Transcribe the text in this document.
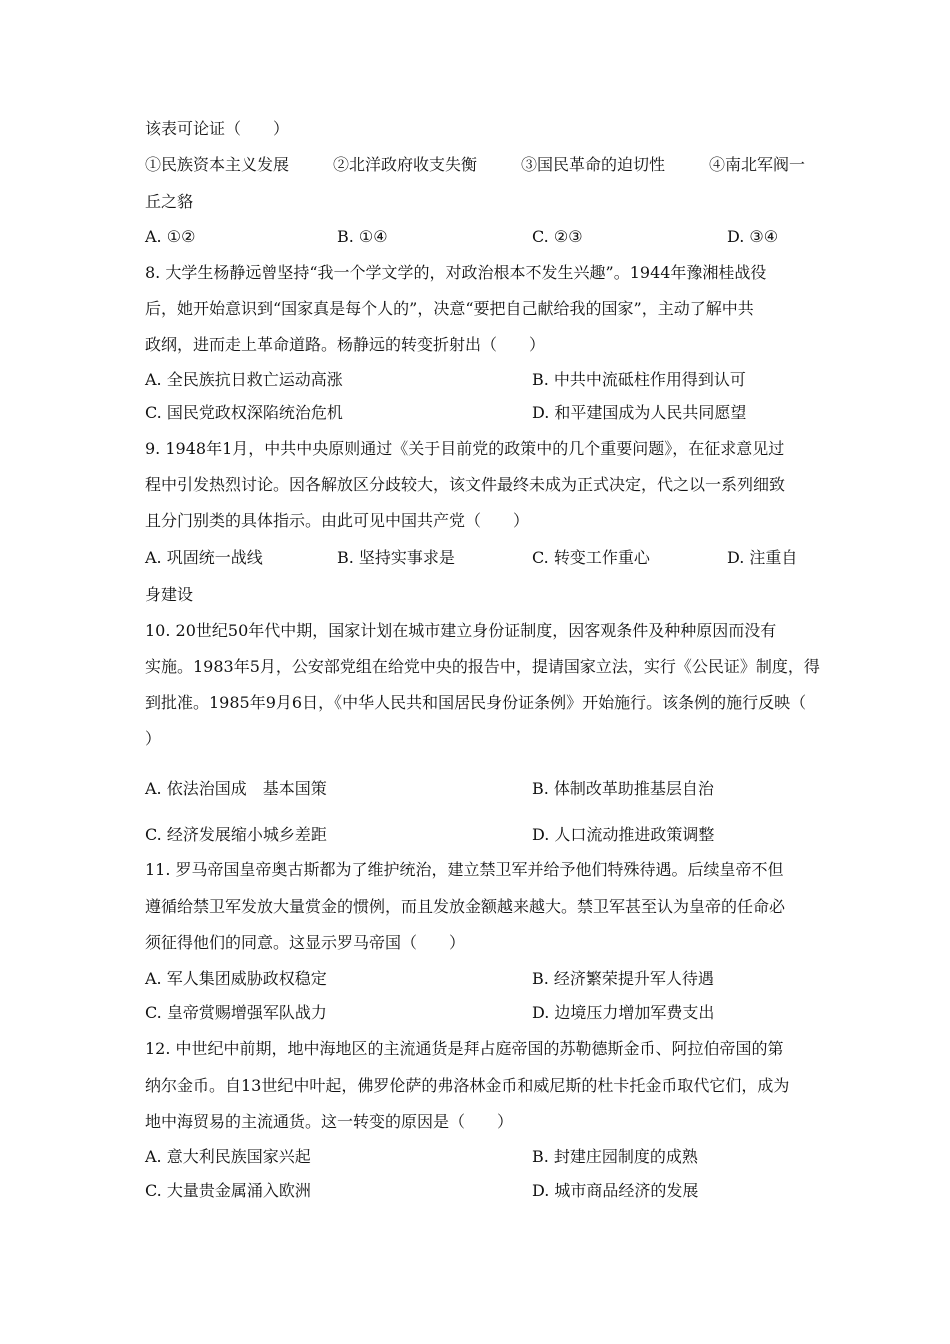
该表可论证（　　）
①民族资本主义发展	②北洋政府收支失衡	③国民革命的迫切性	④南北军阀一
丘之貉
A. ①②	B. ①④	C. ②③	D. ③④
8. 大学生杨静远曾坚持“我一个学文学的，对政治根本不发生兴趣”。1944年豫湘桂战役
后，她开始意识到“国家真是每个人的”，决意“要把自己献给我的国家”，主动了解中共
政纲，进而走上革命道路。杨静远的转变折射出（　　）
A. 全民族抗日救亡运动高涨	B. 中共中流砥柱作用得到认可
C. 国民党政权深陷统治危机	D. 和平建国成为人民共同愿望
9. 1948年1月，中共中央原则通过《关于目前党的政策中的几个重要问题》，在征求意见过
程中引发热烈讨论。因各解放区分歧较大，该文件最终未成为正式决定，代之以一系列细致
且分门别类的具体指示。由此可见中国共产党（　　）
A. 巩固统一战线	B. 坚持实事求是	C. 转变工作重心	D. 注重自
身建设
10. 20世纪50年代中期，国家计划在城市建立身份证制度，因客观条件及种种原因而没有
实施。1983年5月，公安部党组在给党中央的报告中，提请国家立法，实行《公民证》制度，得
到批准。1985年9月6日，《中华人民共和国居民身份证条例》开始施行。该条例的施行反映（
）
A. 依法治国成　基本国策	B. 体制改革助推基层自治
C. 经济发展缩小城乡差距	D. 人口流动推进政策调整
11. 罗马帝国皇帝奥古斯都为了维护统治，建立禁卫军并给予他们特殊待遇。后续皇帝不但
遵循给禁卫军发放大量赏金的惯例，而且发放金额越来越大。禁卫军甚至认为皇帝的任命必
须征得他们的同意。这显示罗马帝国（　　）
A. 军人集团威胁政权稳定	B. 经济繁荣提升军人待遇
C. 皇帝赏赐增强军队战力	D. 边境压力增加军费支出
12. 中世纪中前期，地中海地区的主流通货是拜占庭帝国的苏勒德斯金币、阿拉伯帝国的第
纳尔金币。自13世纪中叶起，佛罗伦萨的弗洛林金币和威尼斯的杜卡托金币取代它们，成为
地中海贸易的主流通货。这一转变的原因是（　　）
A. 意大利民族国家兴起	B. 封建庄园制度的成熟
C. 大量贵金属涌入欧洲	D. 城市商品经济的发展
